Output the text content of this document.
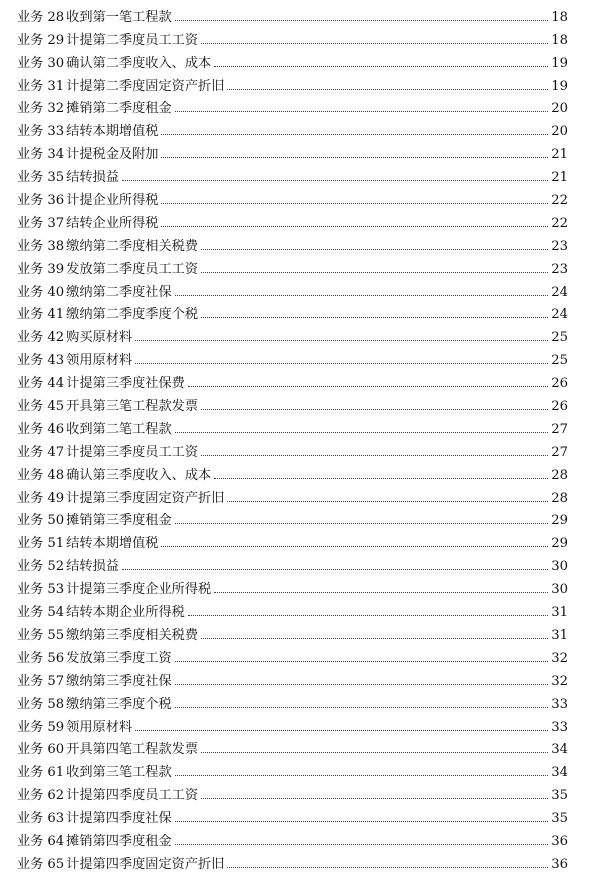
业务 28 收到第一笔工程款	18
业务 29 计提第二季度员工工资	18
业务 30 确认第二季度收入、成本	19
业务 31 计提第二季度固定资产折旧	19
业务 32 摊销第二季度租金	20
业务 33 结转本期增值税	20
业务 34 计提税金及附加	21
业务 35 结转损益	21
业务 36 计提企业所得税	22
业务 37 结转企业所得税	22
业务 38 缴纳第二季度相关税费	23
业务 39 发放第二季度员工工资	23
业务 40 缴纳第二季度社保	24
业务 41 缴纳第二季度季度个税	24
业务 42 购买原材料	25
业务 43 领用原材料	25
业务 44 计提第三季度社保费	26
业务 45 开具第三笔工程款发票	26
业务 46 收到第二笔工程款	27
业务 47 计提第三季度员工工资	27
业务 48 确认第三季度收入、成本	28
业务 49 计提第三季度固定资产折旧	28
业务 50 摊销第三季度租金	29
业务 51 结转本期增值税	29
业务 52 结转损益	30
业务 53 计提第三季度企业所得税	30
业务 54 结转本期企业所得税	31
业务 55 缴纳第三季度相关税费	31
业务 56 发放第三季度工资	32
业务 57 缴纳第三季度社保	32
业务 58 缴纳第三季度个税	33
业务 59 领用原材料	33
业务 60 开具第四笔工程款发票	34
业务 61 收到第三笔工程款	34
业务 62 计提第四季度员工工资	35
业务 63 计提第四季度社保	35
业务 64 摊销第四季度租金	36
业务 65 计提第四季度固定资产折旧	36
